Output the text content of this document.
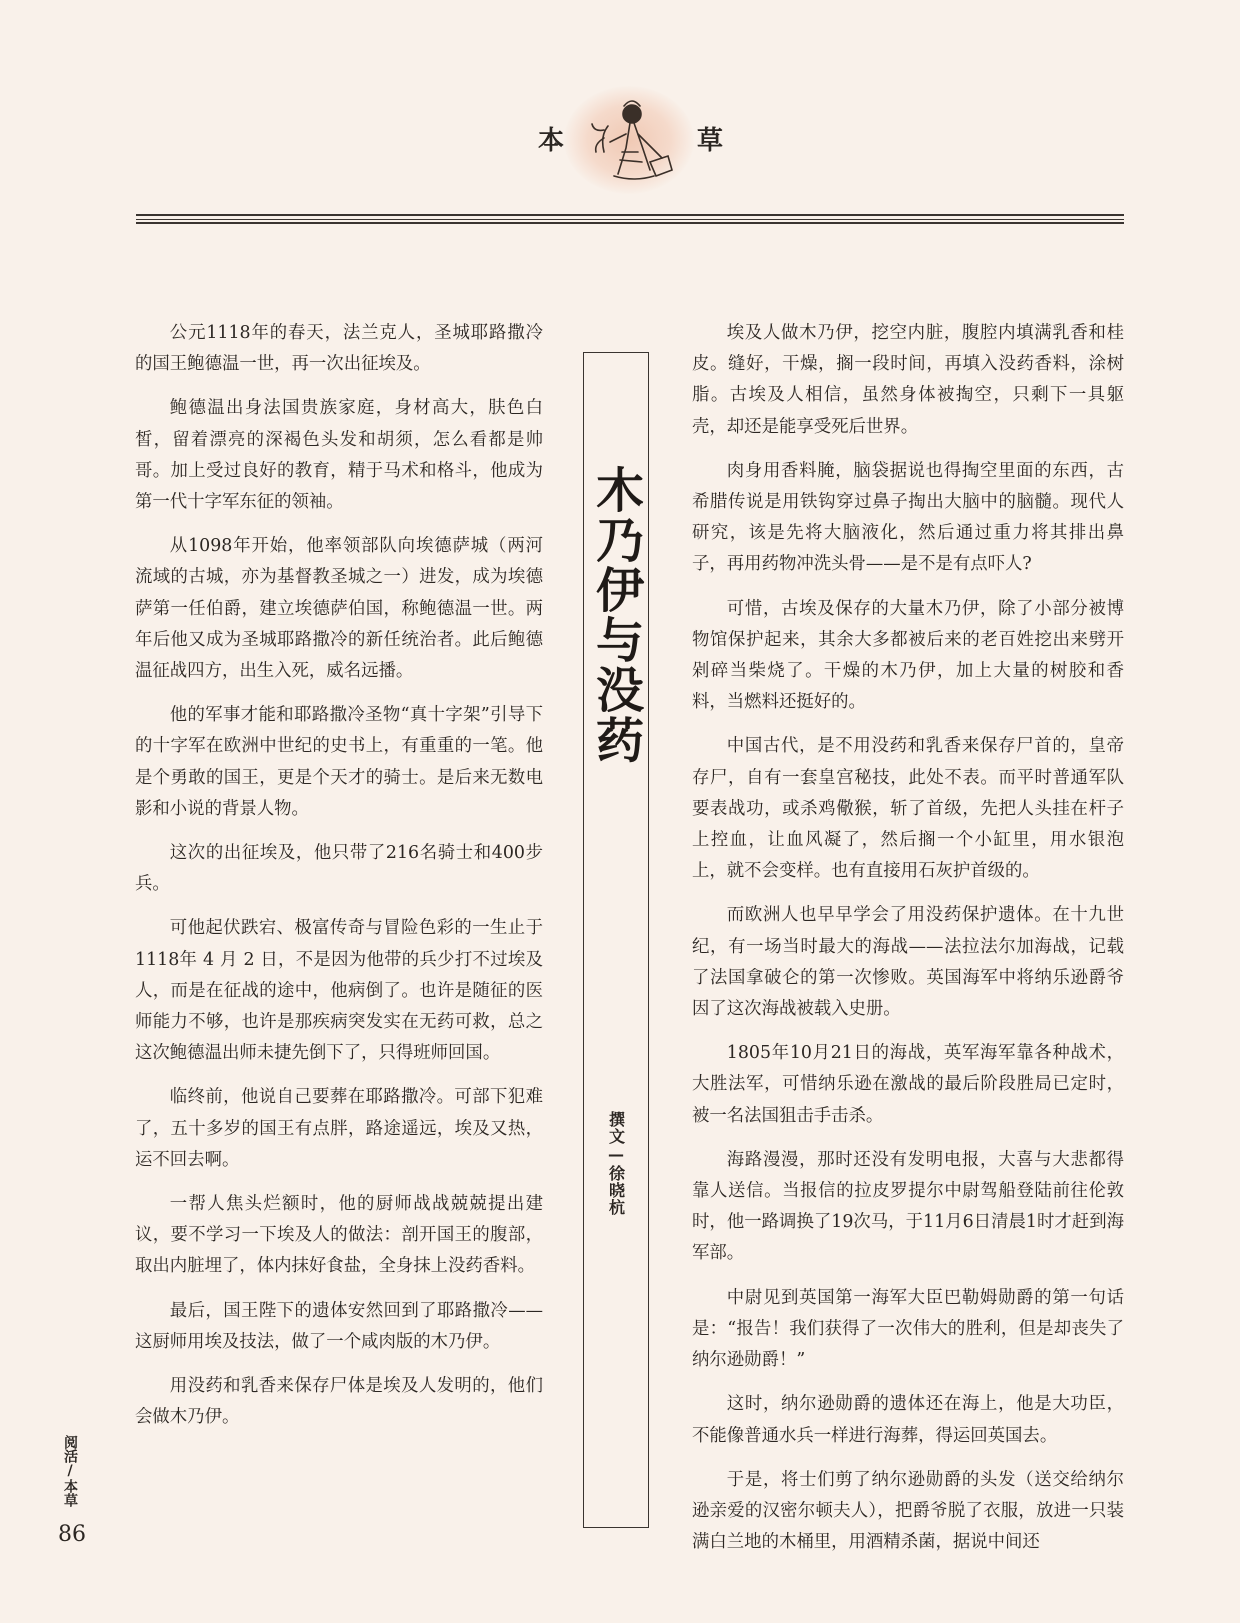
本	草

公元1118年的春天，法兰克人，圣城耶路撒冷的国王鲍德温一世，再一次出征埃及。

鲍德温出身法国贵族家庭，身材高大，肤色白皙，留着漂亮的深褐色头发和胡须，怎么看都是帅哥。加上受过良好的教育，精于马术和格斗，他成为第一代十字军东征的领袖。

从1098年开始，他率领部队向埃德萨城（两河流域的古城，亦为基督教圣城之一）进发，成为埃德萨第一任伯爵，建立埃德萨伯国，称鲍德温一世。两年后他又成为圣城耶路撒冷的新任统治者。此后鲍德温征战四方，出生入死，威名远播。

他的军事才能和耶路撒冷圣物“真十字架”引导下的十字军在欧洲中世纪的史书上，有重重的一笔。他是个勇敢的国王，更是个天才的骑士。是后来无数电影和小说的背景人物。

这次的出征埃及，他只带了216名骑士和400步兵。

可他起伏跌宕、极富传奇与冒险色彩的一生止于1118年 4 月 2 日，不是因为他带的兵少打不过埃及人，而是在征战的途中，他病倒了。也许是随征的医师能力不够，也许是那疾病突发实在无药可救，总之这次鲍德温出师未捷先倒下了，只得班师回国。

临终前，他说自己要葬在耶路撒冷。可部下犯难了，五十多岁的国王有点胖，路途遥远，埃及又热，运不回去啊。

一帮人焦头烂额时，他的厨师战战兢兢提出建议，要不学习一下埃及人的做法：剖开国王的腹部，取出内脏埋了，体内抹好食盐，全身抹上没药香料。

最后，国王陛下的遗体安然回到了耶路撒冷——这厨师用埃及技法，做了一个咸肉版的木乃伊。

用没药和乳香来保存尸体是埃及人发明的，他们会做木乃伊。

木乃伊与没药
撰文—徐晓杭

埃及人做木乃伊，挖空内脏，腹腔内填满乳香和桂皮。缝好，干燥，搁一段时间，再填入没药香料，涂树脂。古埃及人相信，虽然身体被掏空，只剩下一具躯壳，却还是能享受死后世界。

肉身用香料腌，脑袋据说也得掏空里面的东西，古希腊传说是用铁钩穿过鼻子掏出大脑中的脑髓。现代人研究，该是先将大脑液化，然后通过重力将其排出鼻子，再用药物冲洗头骨——是不是有点吓人?

可惜，古埃及保存的大量木乃伊，除了小部分被博物馆保护起来，其余大多都被后来的老百姓挖出来劈开剁碎当柴烧了。干燥的木乃伊，加上大量的树胶和香料，当燃料还挺好的。

中国古代，是不用没药和乳香来保存尸首的，皇帝存尸，自有一套皇宫秘技，此处不表。而平时普通军队要表战功，或杀鸡儆猴，斩了首级，先把人头挂在杆子上控血，让血风凝了，然后搁一个小缸里，用水银泡上，就不会变样。也有直接用石灰护首级的。

而欧洲人也早早学会了用没药保护遗体。在十九世纪，有一场当时最大的海战——法拉法尔加海战，记载了法国拿破仑的第一次惨败。英国海军中将纳乐逊爵爷因了这次海战被载入史册。

1805年10月21日的海战，英军海军靠各种战术，大胜法军，可惜纳乐逊在激战的最后阶段胜局已定时，被一名法国狙击手击杀。

海路漫漫，那时还没有发明电报，大喜与大悲都得靠人送信。当报信的拉皮罗提尔中尉驾船登陆前往伦敦时，他一路调换了19次马，于11月6日清晨1时才赶到海军部。

中尉见到英国第一海军大臣巴勒姆勋爵的第一句话是：“报告！我们获得了一次伟大的胜利，但是却丧失了纳尔逊勋爵！”

这时，纳尔逊勋爵的遗体还在海上，他是大功臣，不能像普通水兵一样进行海葬，得运回英国去。

于是，将士们剪了纳尔逊勋爵的头发（送交给纳尔逊亲爱的汉密尔顿夫人），把爵爷脱了衣服，放进一只装满白兰地的木桶里，用酒精杀菌，据说中间还

阅活/本草
86
